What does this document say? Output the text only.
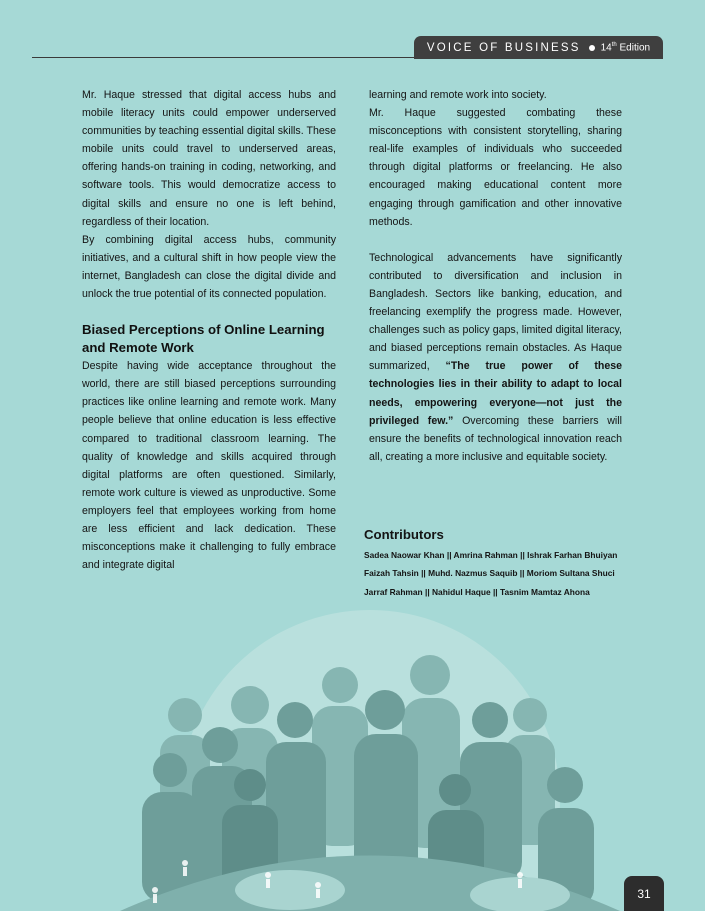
VOICE OF BUSINESS 14th Edition

Mr. Haque stressed that digital access hubs and mobile literacy units could empower underserved communities by teaching essential digital skills. These mobile units could travel to underserved areas, offering hands-on training in coding, networking, and software tools. This would democratize access to digital skills and ensure no one is left behind, regardless of their location.

By combining digital access hubs, community initiatives, and a cultural shift in how people view the internet, Bangladesh can close the digital divide and unlock the true potential of its connected population.

Biased Perceptions of Online Learning and Remote Work

Despite having wide acceptance throughout the world, there are still biased perceptions surrounding practices like online learning and remote work. Many people believe that online education is less effective compared to traditional classroom learning. The quality of knowledge and skills acquired through digital platforms are often questioned. Similarly, remote work culture is viewed as unproductive. Some employers feel that employees working from home are less efficient and lack dedication. These misconceptions make it challenging to fully embrace and integrate digital

learning and remote work into society.

Mr. Haque suggested combating these misconceptions with consistent storytelling, sharing real-life examples of individuals who succeeded through digital platforms or freelancing. He also encouraged making educational content more engaging through gamification and other innovative methods.

Technological advancements have significantly contributed to diversification and inclusion in Bangladesh. Sectors like banking, education, and freelancing exemplify the progress made. However, challenges such as policy gaps, limited digital literacy, and biased perceptions remain obstacles. As Haque summarized, “The true power of these technologies lies in their ability to adapt to local needs, empowering everyone—not just the privileged few.” Overcoming these barriers will ensure the benefits of technological innovation reach all, creating a more inclusive and equitable society.

Contributors
Sadea Naowar Khan || Amrina Rahman || Ishrak Farhan Bhuiyan
Faizah Tahsin || Muhd. Nazmus Saquib || Moriom Sultana Shuci
Jarraf Rahman || Nahidul Haque || Tasnim Mamtaz Ahona
31
